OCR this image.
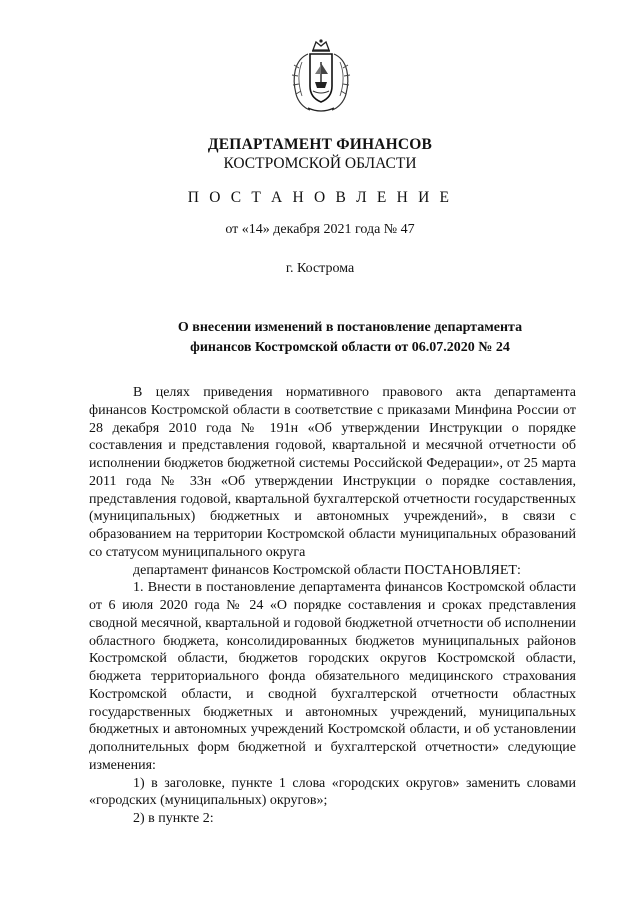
ДЕПАРТАМЕНТ ФИНАНСОВ
КОСТРОМСКОЙ ОБЛАСТИ
П О С Т А Н О В Л Е Н И Е
от «14» декабря 2021 года № 47
г. Кострома
О внесении изменений в постановление департамента
финансов Костромской области от 06.07.2020 № 24

В целях приведения нормативного правового акта департамента финансов Костромской области в соответствие с приказами Минфина России от 28 декабря 2010 года № 191н «Об утверждении Инструкции о порядке составления и представления годовой, квартальной и месячной отчетности об исполнении бюджетов бюджетной системы Российской Федерации», от 25 марта 2011 года № 33н «Об утверждении Инструкции о порядке составления, представления годовой, квартальной бухгалтерской отчетности государственных (муниципальных) бюджетных и автономных учреждений», в связи с образованием на территории Костромской области муниципальных образований со статусом муниципального округа

департамент финансов Костромской области ПОСТАНОВЛЯЕТ:

1. Внести в постановление департамента финансов Костромской области от 6 июля 2020 года № 24 «О порядке составления и сроках представления сводной месячной, квартальной и годовой бюджетной отчетности об исполнении областного бюджета, консолидированных бюджетов муниципальных районов Костромской области, бюджетов городских округов Костромской области, бюджета территориального фонда обязательного медицинского страхования Костромской области, и сводной бухгалтерской отчетности областных государственных бюджетных и автономных учреждений, муниципальных бюджетных и автономных учреждений Костромской области, и об установлении дополнительных форм бюджетной и бухгалтерской отчетности» следующие изменения:

1) в заголовке, пункте 1 слова «городских округов» заменить словами «городских (муниципальных) округов»;

2) в пункте 2:
